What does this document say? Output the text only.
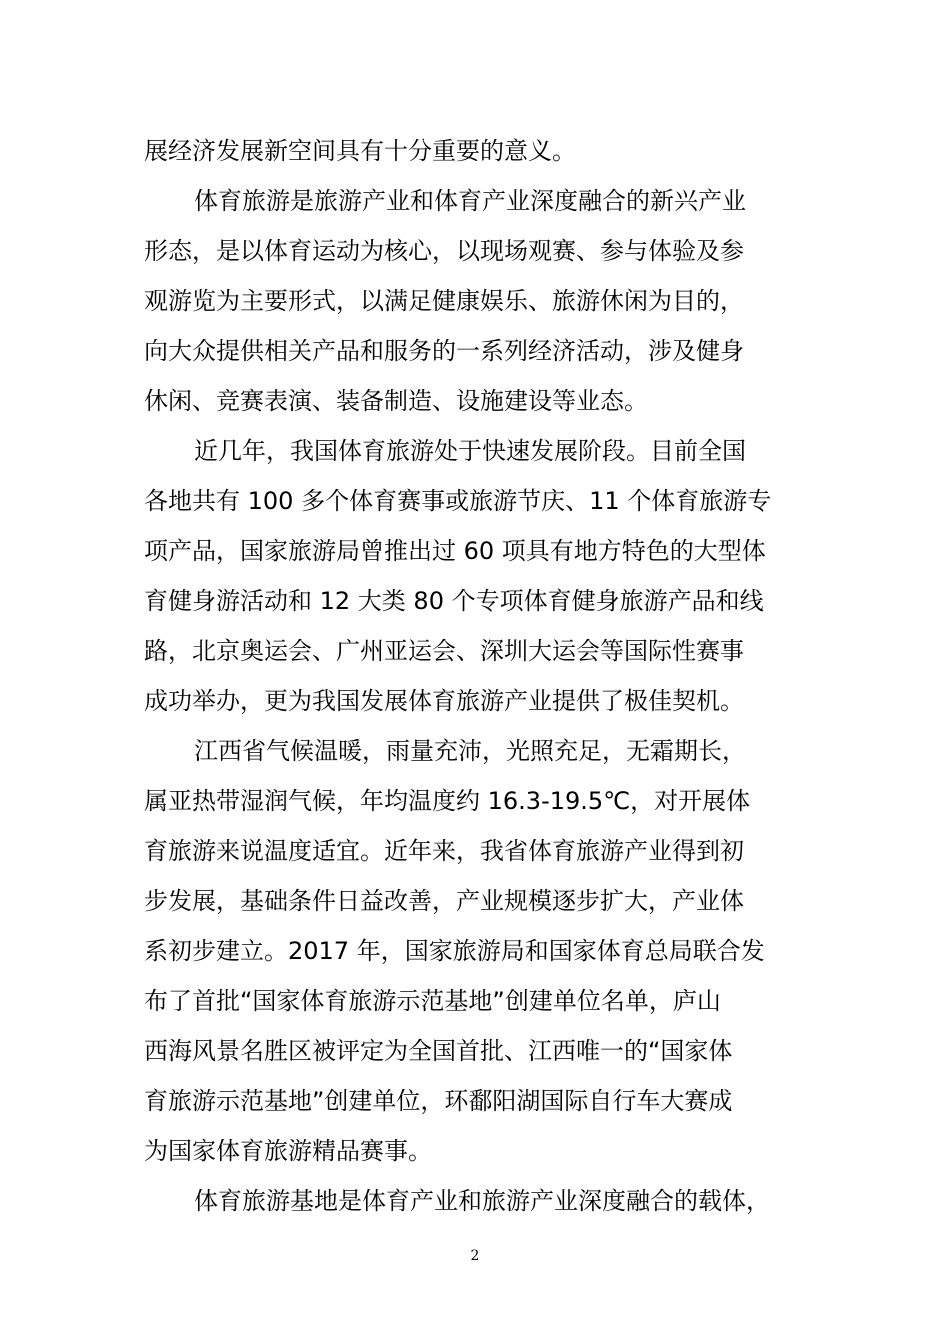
展经济发展新空间具有十分重要的意义。
体育旅游是旅游产业和体育产业深度融合的新兴产业
形态，是以体育运动为核心，以现场观赛、参与体验及参
观游览为主要形式，以满足健康娱乐、旅游休闲为目的，
向大众提供相关产品和服务的一系列经济活动，涉及健身
休闲、竞赛表演、装备制造、设施建设等业态。
近几年，我国体育旅游处于快速发展阶段。目前全国
各地共有 100 多个体育赛事或旅游节庆、11 个体育旅游专
项产品，国家旅游局曾推出过 60 项具有地方特色的大型体
育健身游活动和 12 大类 80 个专项体育健身旅游产品和线
路，北京奥运会、广州亚运会、深圳大运会等国际性赛事
成功举办，更为我国发展体育旅游产业提供了极佳契机。
江西省气候温暖，雨量充沛，光照充足，无霜期长，
属亚热带湿润气候，年均温度约 16.3-19.5℃，对开展体
育旅游来说温度适宜。近年来，我省体育旅游产业得到初
步发展，基础条件日益改善，产业规模逐步扩大，产业体
系初步建立。2017 年，国家旅游局和国家体育总局联合发
布了首批“国家体育旅游示范基地”创建单位名单，庐山
西海风景名胜区被评定为全国首批、江西唯一的“国家体
育旅游示范基地”创建单位，环鄱阳湖国际自行车大赛成
为国家体育旅游精品赛事。
体育旅游基地是体育产业和旅游产业深度融合的载体，
2
